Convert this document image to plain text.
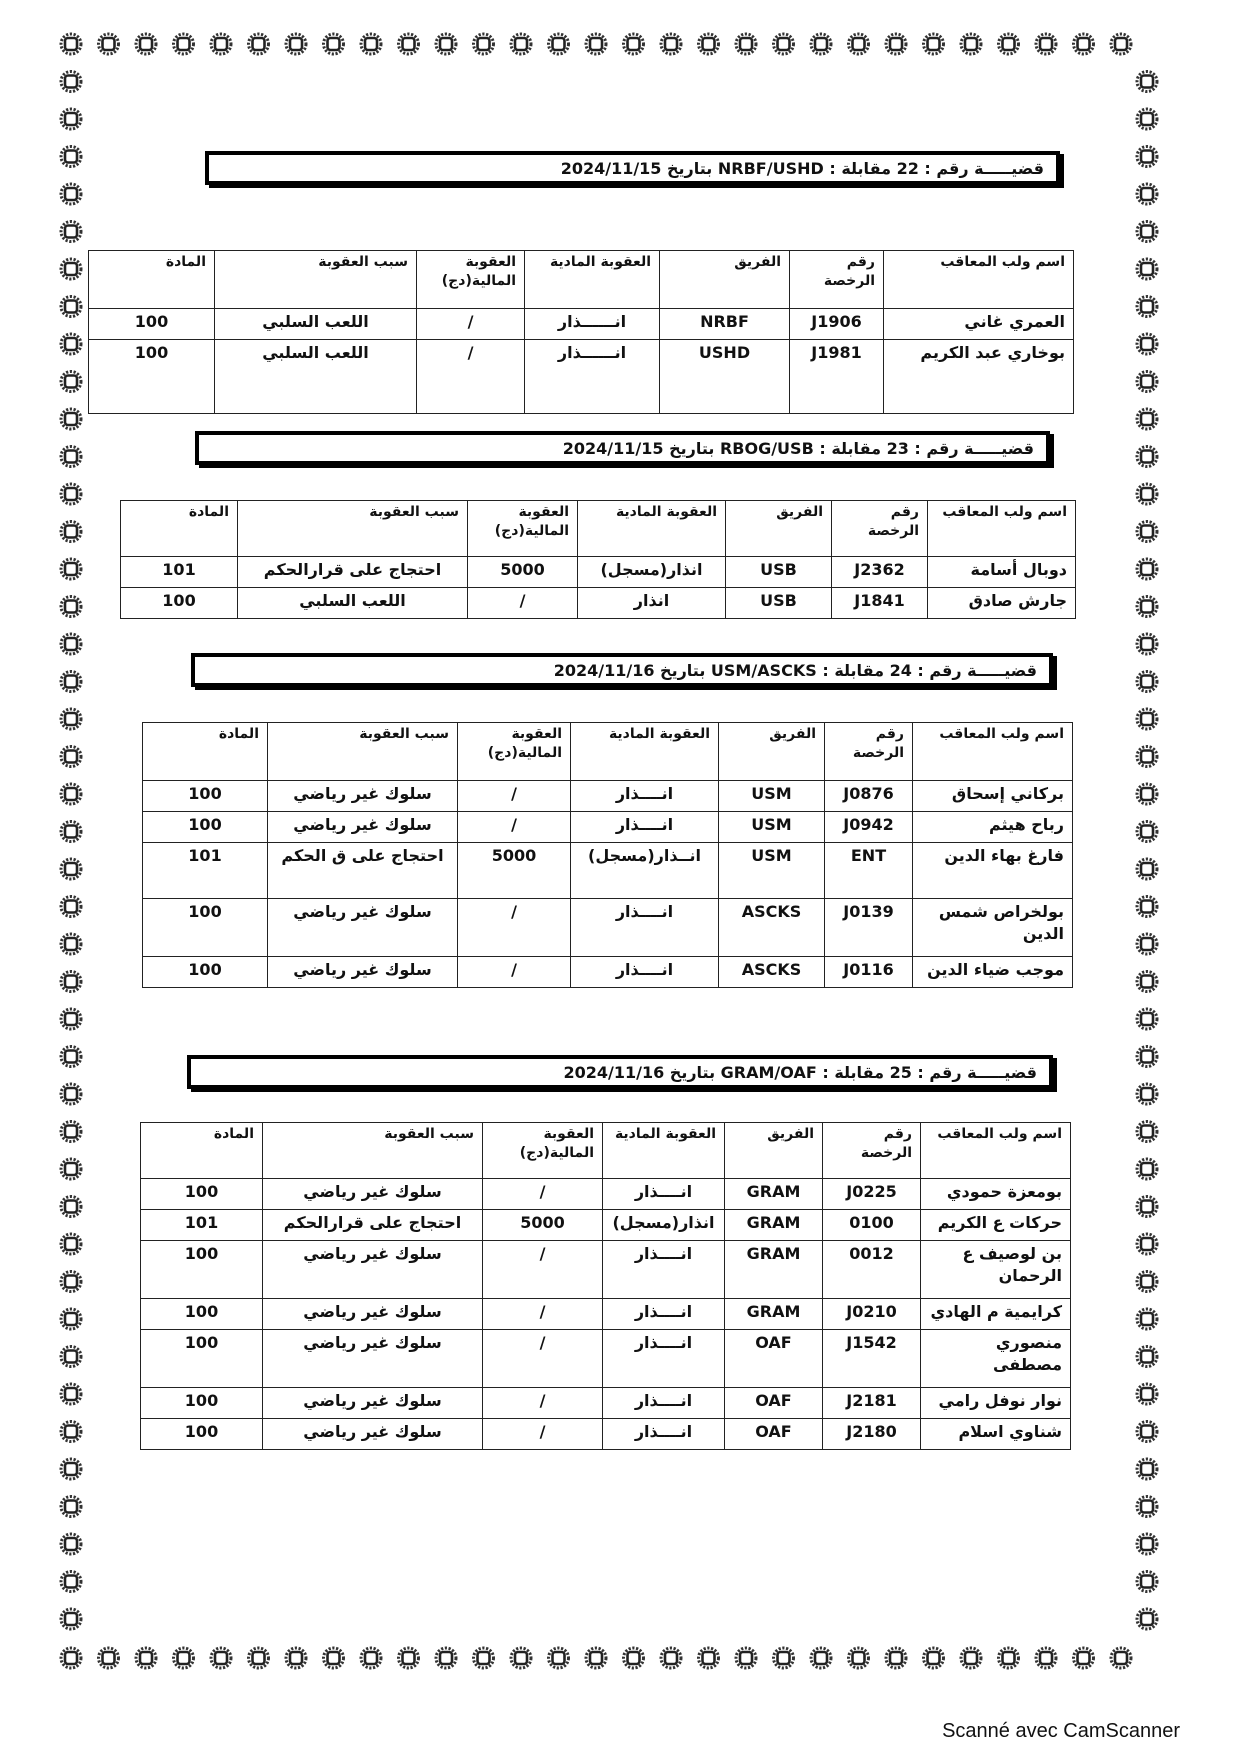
قضيـــــة رقم : 22 مقابلة :

NRBF/USHD

بتاريخ

2024/11/15
اسم ولب المعاقب	رقم الرخصة	الفريق	العقوبة المادية	العقوبة المالية(دج)	سبب العقوبة	المادة
العمري غاني	J1906	NRBF	انــــــذار	/	اللعب السلبي	100
بوخاري عبد الكريم	J1981	USHD	انــــــذار	/	اللعب السلبي	100
قضيـــــة رقم : 23 مقابلة :

RBOG/USB

بتاريخ

2024/11/15
اسم ولب المعاقب	رقم الرخصة	الفريق	العقوبة المادية	العقوبة المالية(دج)	سبب العقوبة	المادة
دوبال أسامة	J2362	USB	انذار(مسجل)	5000	احتجاج على قرارالحكم	101
جارش صادق	J1841	USB	انذار	/	اللعب السلبي	100
قضيـــــة رقم : 24 مقابلة :

USM/ASCKS

بتاريخ

2024/11/16
اسم ولب المعاقب	رقم الرخصة	الفريق	العقوبة المادية	العقوبة المالية(دج)	سبب العقوبة	المادة
بركاني إسحاق	J0876	USM	انــــذار	/	سلوك غير رياضي	100
رباح هيثم	J0942	USM	انــــذار	/	سلوك غير رياضي	100
فارغ بهاء الدين	ENT	USM	انــذار(مسجل)	5000	احتجاج على ق الحكم	101
بولخراص شمس الدين	J0139	ASCKS	انــــذار	/	سلوك غير رياضي	100
موجب ضياء الدين	J0116	ASCKS	انــــذار	/	سلوك غير رياضي	100
قضيـــــة رقم : 25 مقابلة :

GRAM/OAF

بتاريخ

2024/11/16
اسم ولب المعاقب	رقم الرخصة	الفريق	العقوبة المادية	العقوبة المالية(دج)	سبب العقوبة	المادة
بومعزة حمودي	J0225	GRAM	انــــذار	/	سلوك غير رياضي	100
حركات ع الكريم	0100	GRAM	انذار(مسجل)	5000	احتجاج على قرارالحكم	101
بن لوصيف ع الرحمان	0012	GRAM	انــــذار	/	سلوك غير رياضي	100
كرايمية م الهادي	J0210	GRAM	انــــذار	/	سلوك غير رياضي	100
منصوري مصطفى	J1542	OAF	انــــذار	/	سلوك غير رياضي	100
نوار نوفل رامي	J2181	OAF	انــــذار	/	سلوك غير رياضي	100
شناوي اسلام	J2180	OAF	انــــذار	/	سلوك غير رياضي	100
Scanné avec CamScanner
